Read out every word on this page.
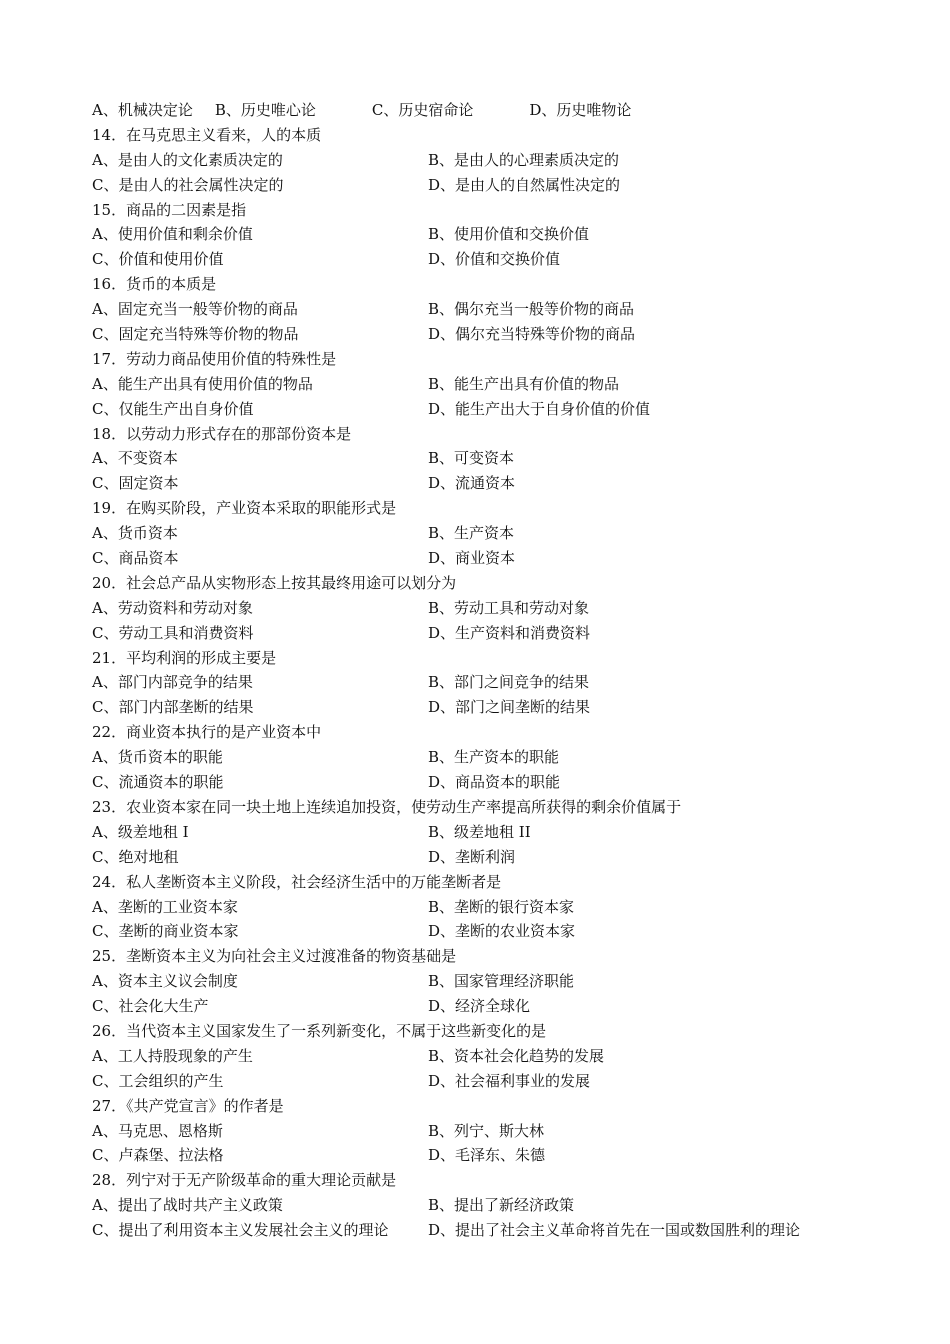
A、机械决定论 B、历史唯心论	C、历史宿命论	D、历史唯物论
14．在马克思主义看来，人的本质
A、是由人的文化素质决定的	B、是由人的心理素质决定的
C、是由人的社会属性决定的	D、是由人的自然属性决定的
15．商品的二因素是指
A、使用价值和剩余价值	B、使用价值和交换价值
C、价值和使用价值	D、价值和交换价值
16．货币的本质是
A、固定充当一般等价物的商品	B、偶尔充当一般等价物的商品
C、固定充当特殊等价物的物品	D、偶尔充当特殊等价物的商品
17．劳动力商品使用价值的特殊性是
A、能生产出具有使用价值的物品	B、能生产出具有价值的物品
C、仅能生产出自身价值	D、能生产出大于自身价值的价值
18．以劳动力形式存在的那部份资本是
A、不变资本	B、可变资本
C、固定资本	D、流通资本
19．在购买阶段，产业资本采取的职能形式是
A、货币资本	B、生产资本
C、商品资本	D、商业资本
20．社会总产品从实物形态上按其最终用途可以划分为
A、劳动资料和劳动对象	B、劳动工具和劳动对象
C、劳动工具和消费资料	D、生产资料和消费资料
21．平均利润的形成主要是
A、部门内部竞争的结果	B、部门之间竞争的结果
C、部门内部垄断的结果	D、部门之间垄断的结果
22．商业资本执行的是产业资本中
A、货币资本的职能	B、生产资本的职能
C、流通资本的职能	D、商品资本的职能
23．农业资本家在同一块土地上连续追加投资，使劳动生产率提高所获得的剩余价值属于
A、级差地租 I	B、级差地租 II
C、绝对地租	D、垄断利润
24．私人垄断资本主义阶段，社会经济生活中的万能垄断者是
A、垄断的工业资本家	B、垄断的银行资本家
C、垄断的商业资本家	D、垄断的农业资本家
25．垄断资本主义为向社会主义过渡准备的物资基础是
A、资本主义议会制度	B、国家管理经济职能
C、社会化大生产	D、经济全球化
26．当代资本主义国家发生了一系列新变化，不属于这些新变化的是
A、工人持股现象的产生	B、资本社会化趋势的发展
C、工会组织的产生	D、社会福利事业的发展
27．《共产党宣言》的作者是
A、马克思、恩格斯	B、列宁、斯大林
C、卢森堡、拉法格	D、毛泽东、朱德
28．列宁对于无产阶级革命的重大理论贡献是
A、提出了战时共产主义政策	B、提出了新经济政策
C、提出了利用资本主义发展社会主义的理论	D、提出了社会主义革命将首先在一国或数国胜利的理论
